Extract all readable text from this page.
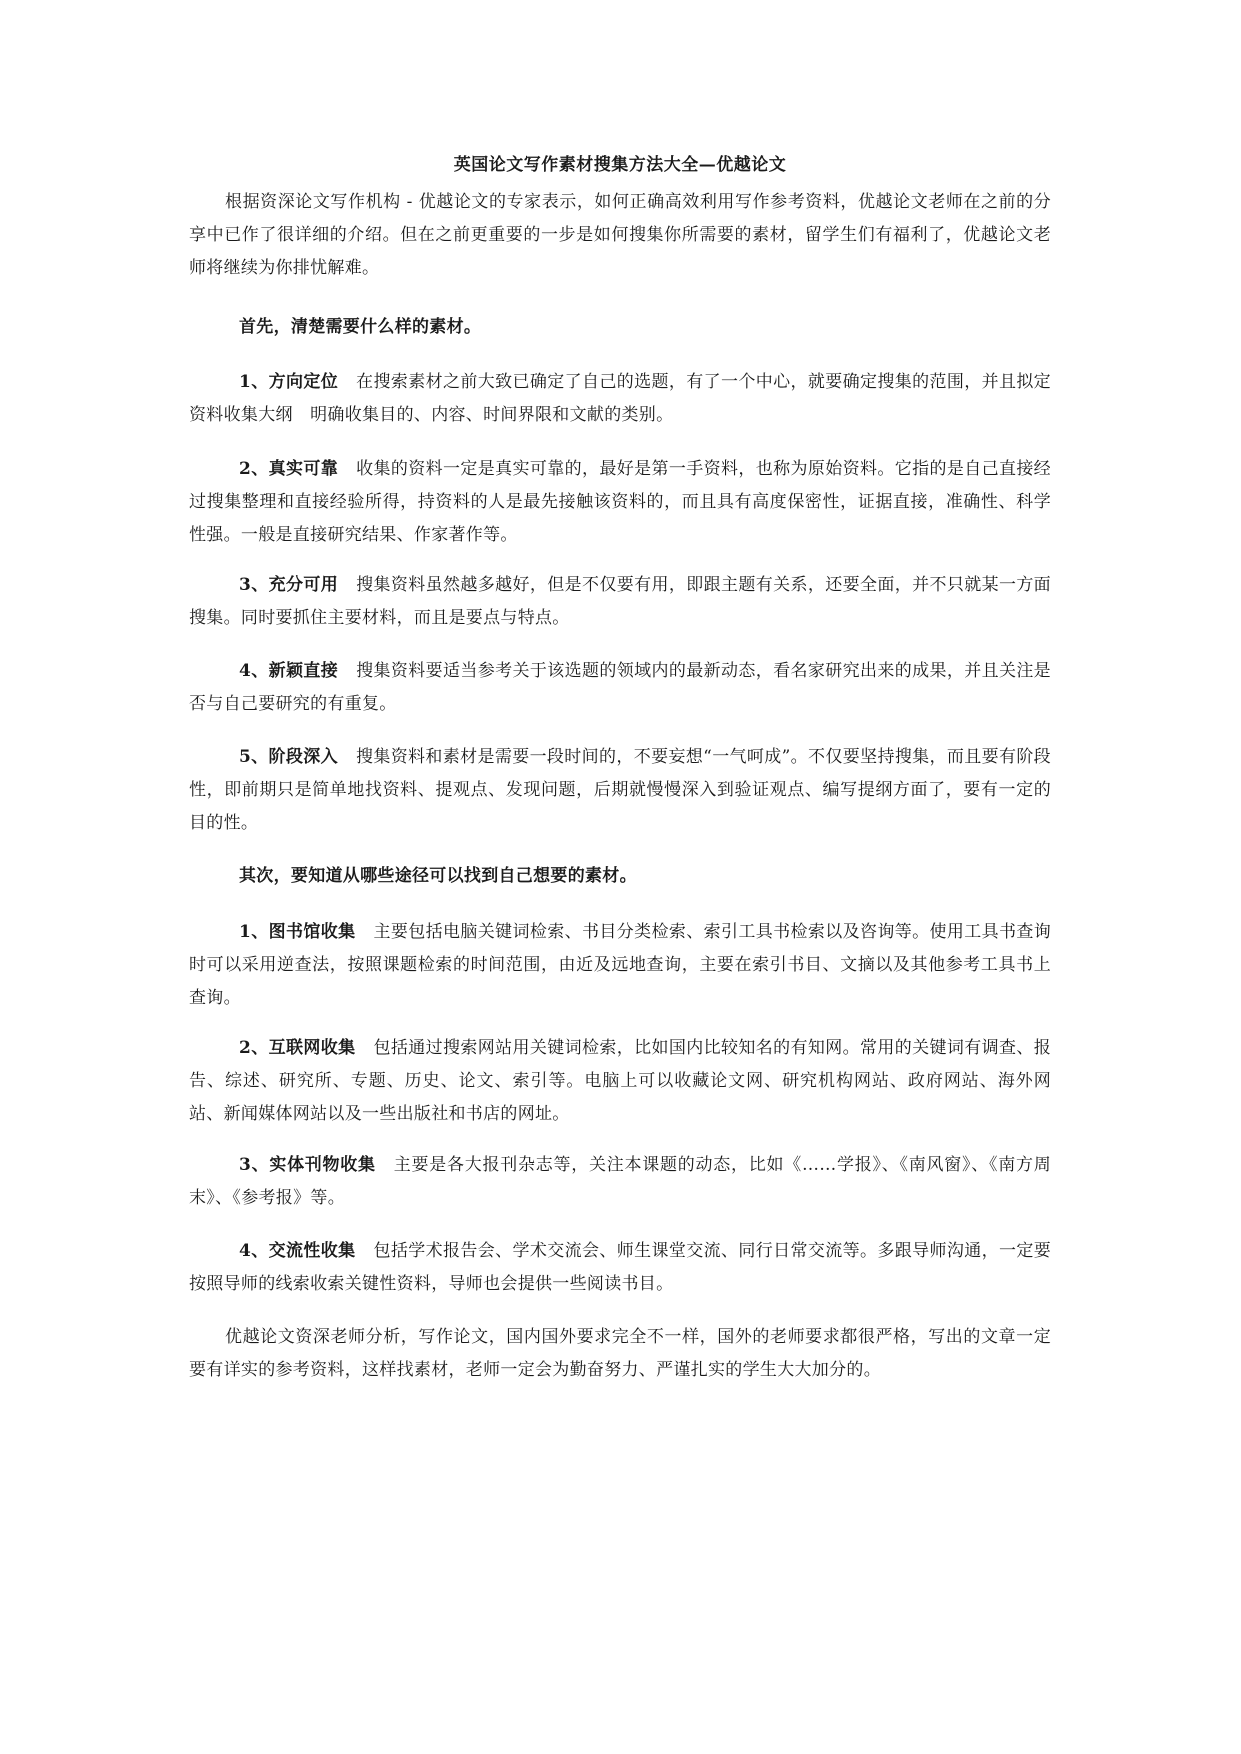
英国论文写作素材搜集方法大全—优越论文

根据资深论文写作机构 - 优越论文的专家表示，如何正确高效利用写作参考资料，优越论文老师在之前的分享中已作了很详细的介绍。但在之前更重要的一步是如何搜集你所需要的素材，留学生们有福利了，优越论文老师将继续为你排忧解难。

首先，清楚需要什么样的素材。

1、方向定位 在搜索素材之前大致已确定了自己的选题，有了一个中心，就要确定搜集的范围，并且拟定资料收集大纲　明确收集目的、内容、时间界限和文献的类别。

2、真实可靠 收集的资料一定是真实可靠的，最好是第一手资料，也称为原始资料。它指的是自己直接经过搜集整理和直接经验所得，持资料的人是最先接触该资料的，而且具有高度保密性，证据直接，准确性、科学性强。一般是直接研究结果、作家著作等。

3、充分可用 搜集资料虽然越多越好，但是不仅要有用，即跟主题有关系，还要全面，并不只就某一方面搜集。同时要抓住主要材料，而且是要点与特点。

4、新颖直接 搜集资料要适当参考关于该选题的领域内的最新动态，看名家研究出来的成果，并且关注是否与自己要研究的有重复。

5、阶段深入 搜集资料和素材是需要一段时间的，不要妄想“一气呵成”。不仅要坚持搜集，而且要有阶段性，即前期只是简单地找资料、提观点、发现问题，后期就慢慢深入到验证观点、编写提纲方面了，要有一定的目的性。

其次，要知道从哪些途径可以找到自己想要的素材。

1、图书馆收集 主要包括电脑关键词检索、书目分类检索、索引工具书检索以及咨询等。使用工具书查询时可以采用逆查法，按照课题检索的时间范围，由近及远地查询，主要在索引书目、文摘以及其他参考工具书上查询。

2、互联网收集 包括通过搜索网站用关键词检索，比如国内比较知名的有知网。常用的关键词有调查、报告、综述、研究所、专题、历史、论文、索引等。电脑上可以收藏论文网、研究机构网站、政府网站、海外网站、新闻媒体网站以及一些出版社和书店的网址。

3、实体刊物收集 主要是各大报刊杂志等，关注本课题的动态，比如《……学报》、《南风窗》、《南方周末》、《参考报》等。

4、交流性收集 包括学术报告会、学术交流会、师生课堂交流、同行日常交流等。多跟导师沟通，一定要按照导师的线索收索关键性资料，导师也会提供一些阅读书目。

优越论文资深老师分析，写作论文，国内国外要求完全不一样，国外的老师要求都很严格，写出的文章一定要有详实的参考资料，这样找素材，老师一定会为勤奋努力、严谨扎实的学生大大加分的。
